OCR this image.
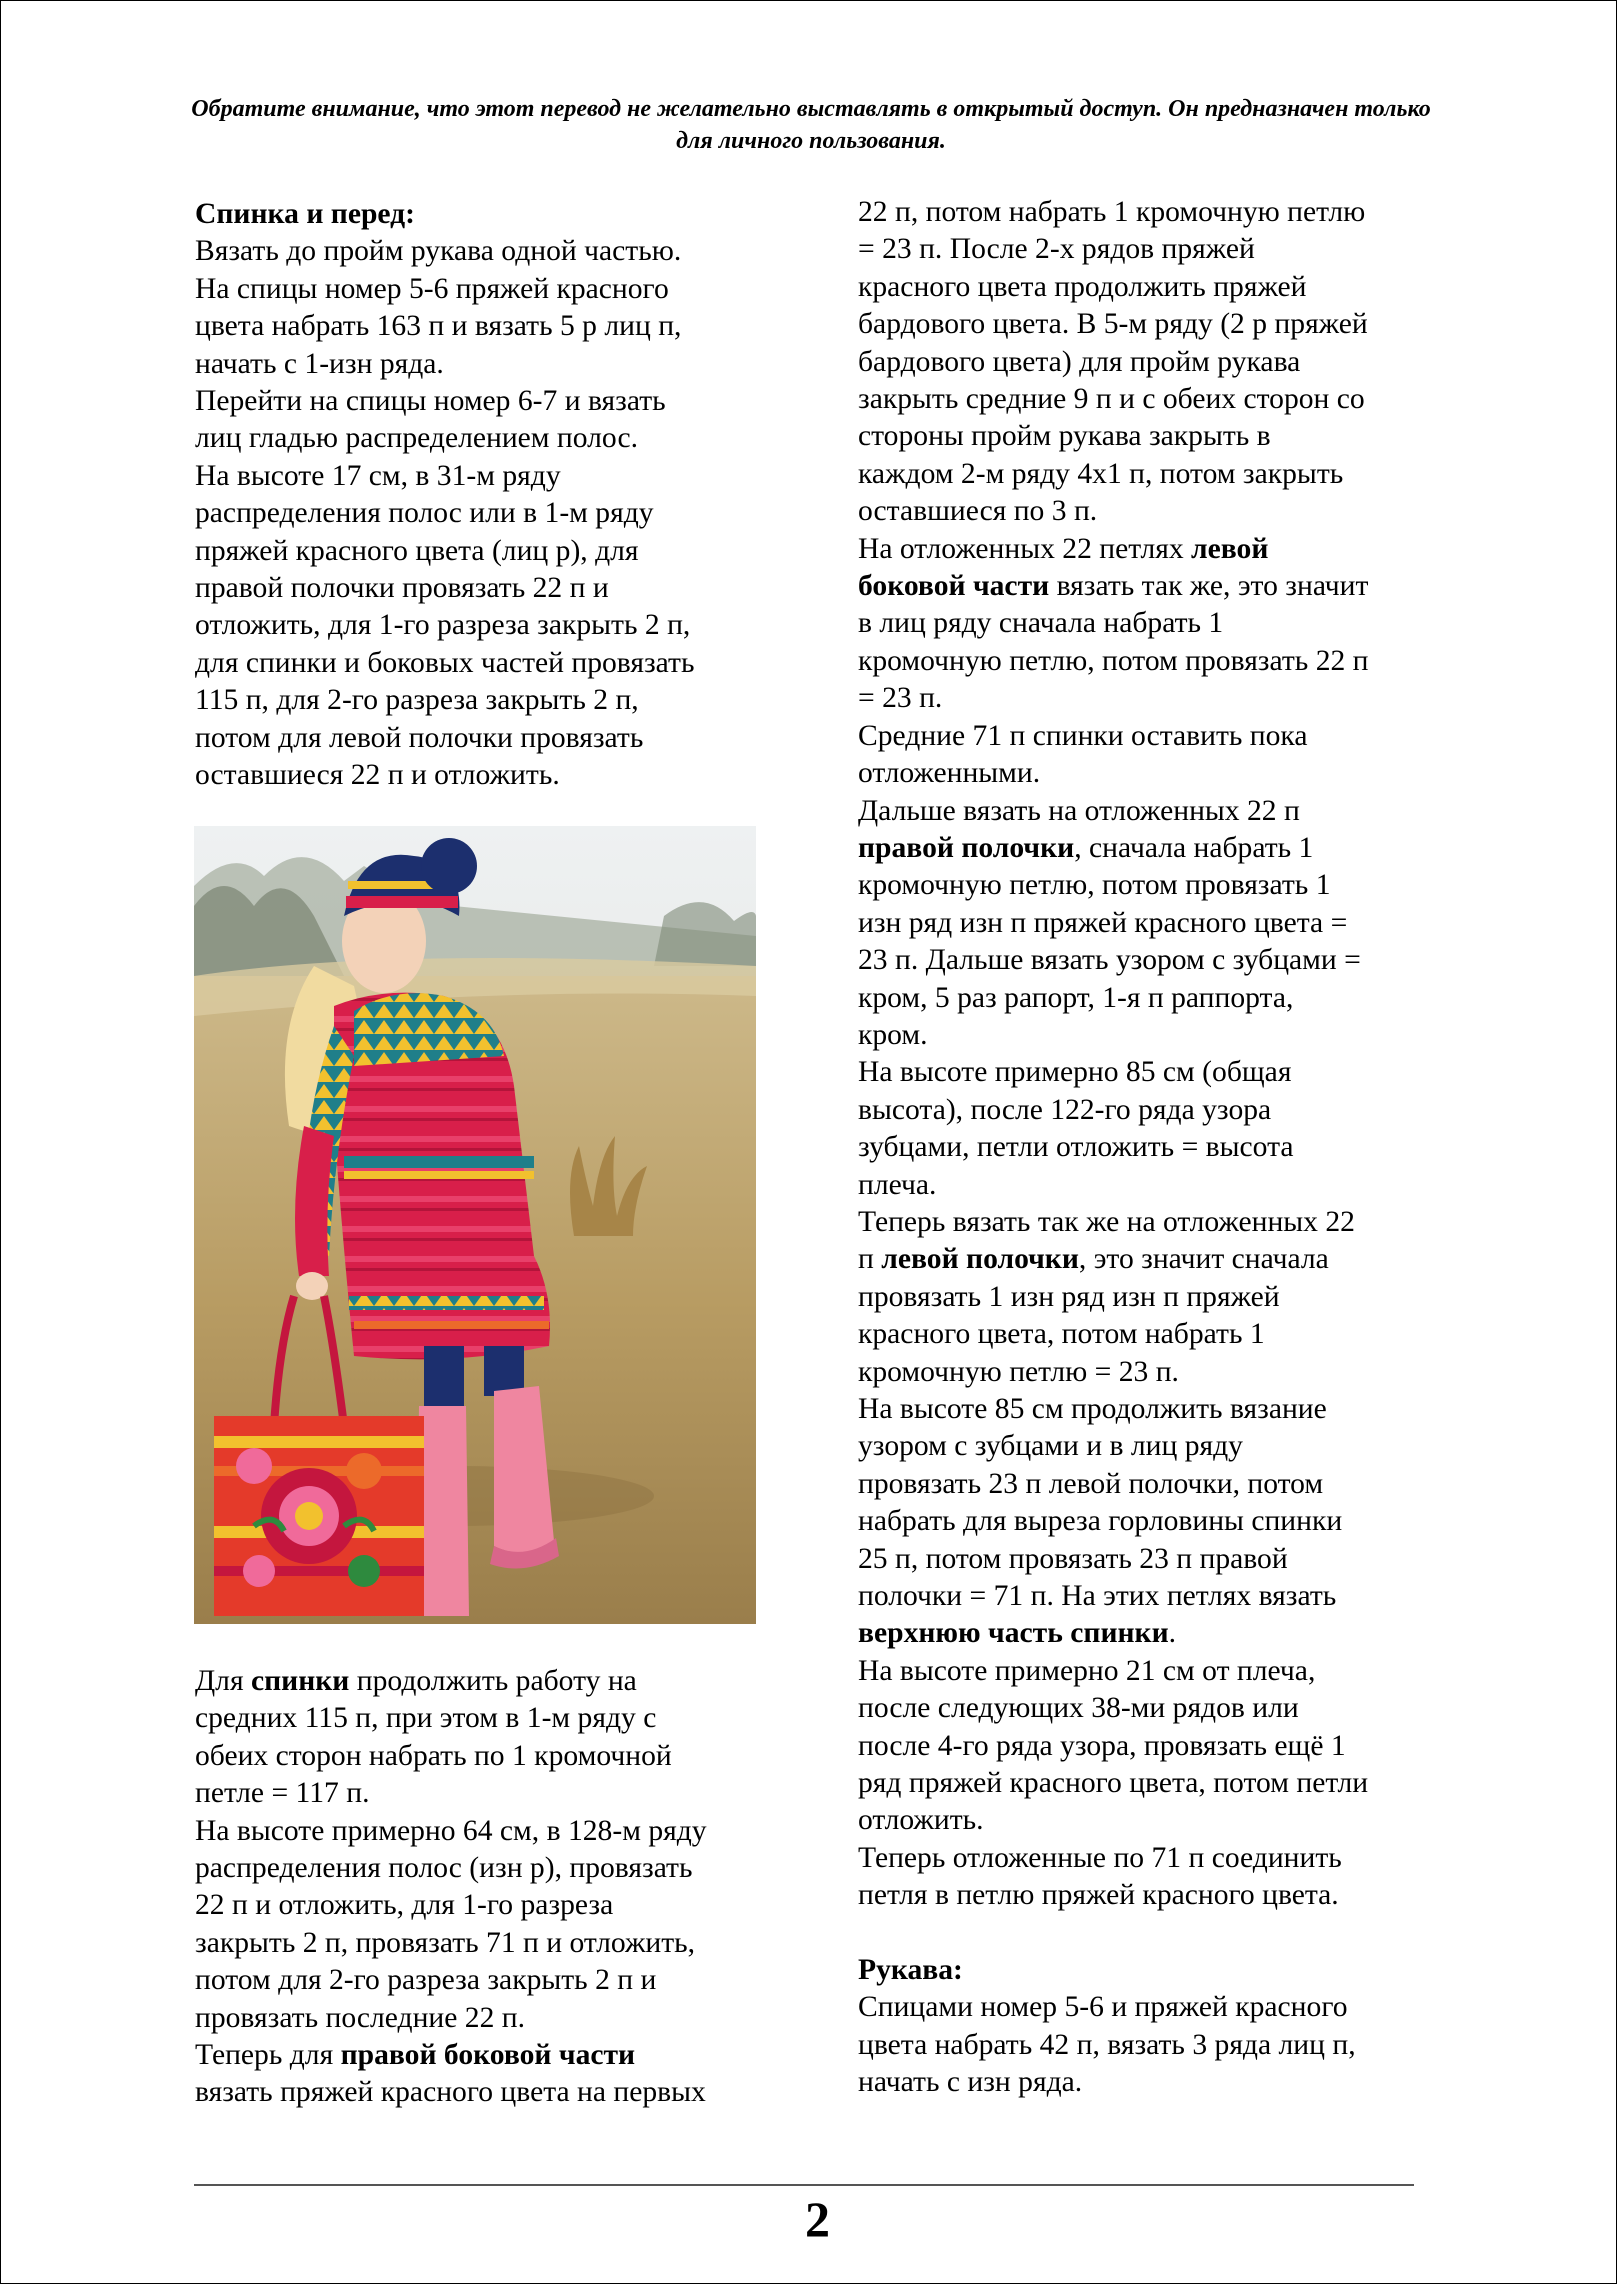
Обратите внимание, что этот перевод не желательно выставлять в открытый доступ. Он предназначен только для личного пользования.

Спинка и перед:

Вязать до пройм рукава одной частью.

На спицы номер 5-6 пряжей красного

цвета набрать 163 п и вязать 5 р лиц п,

начать с 1-изн ряда.

Перейти на спицы номер 6-7 и вязать

лиц гладью распределением полос.

На высоте 17 см, в 31-м ряду

распределения полос или в 1-м ряду

пряжей красного цвета (лиц р), для

правой полочки провязать 22 п и

отложить, для 1-го разреза закрыть 2 п,

для спинки и боковых частей провязать

115 п, для 2-го разреза закрыть 2 п,

потом для левой полочки провязать

оставшиеся 22 п и отложить.

Для спинки продолжить работу на

средних 115 п, при этом в 1-м ряду с

обеих сторон набрать по 1 кромочной

петле = 117 п.

На высоте примерно 64 см, в 128-м ряду

распределения полос (изн р), провязать

22 п и отложить, для 1-го разреза

закрыть 2 п, провязать 71 п и отложить,

потом для 2-го разреза закрыть 2 п и

провязать последние 22 п.

Теперь для правой боковой части

вязать пряжей красного цвета на первых

22 п, потом набрать 1 кромочную петлю

= 23 п. После 2-х рядов пряжей

красного цвета продолжить пряжей

бардового цвета. В 5-м ряду (2 р пряжей

бардового цвета) для пройм рукава

закрыть средние 9 п и с обеих сторон со

стороны пройм рукава закрыть в

каждом 2-м ряду 4х1 п, потом закрыть

оставшиеся по 3 п.

На отложенных 22 петлях левой

боковой части вязать так же, это значит

в лиц ряду сначала набрать 1

кромочную петлю, потом провязать 22 п

= 23 п.

Средние 71 п спинки оставить пока

отложенными.

Дальше вязать на отложенных 22 п

правой полочки, сначала набрать 1

кромочную петлю, потом провязать 1

изн ряд изн п пряжей красного цвета =

23 п. Дальше вязать узором с зубцами =

кром, 5 раз рапорт, 1-я п раппорта,

кром.

На высоте примерно 85 см (общая

высота), после 122-го ряда узора

зубцами, петли отложить = высота

плеча.

Теперь вязать так же на отложенных 22

п левой полочки, это значит сначала

провязать 1 изн ряд изн п пряжей

красного цвета, потом набрать 1

кромочную петлю = 23 п.

На высоте 85 см продолжить вязание

узором с зубцами и в лиц ряду

провязать 23 п левой полочки, потом

набрать для выреза горловины спинки

25 п, потом провязать 23 п правой

полочки = 71 п. На этих петлях вязать

верхнюю часть спинки.

На высоте примерно 21 см от плеча,

после следующих 38-ми рядов или

после 4-го ряда узора, провязать ещё 1

ряд пряжей красного цвета, потом петли

отложить.

Теперь отложенные по 71 п соединить

петля в петлю пряжей красного цвета.

Рукава:

Спицами номер 5-6 и пряжей красного

цвета набрать 42 п, вязать 3 ряда лиц п,

начать с изн ряда.

2
